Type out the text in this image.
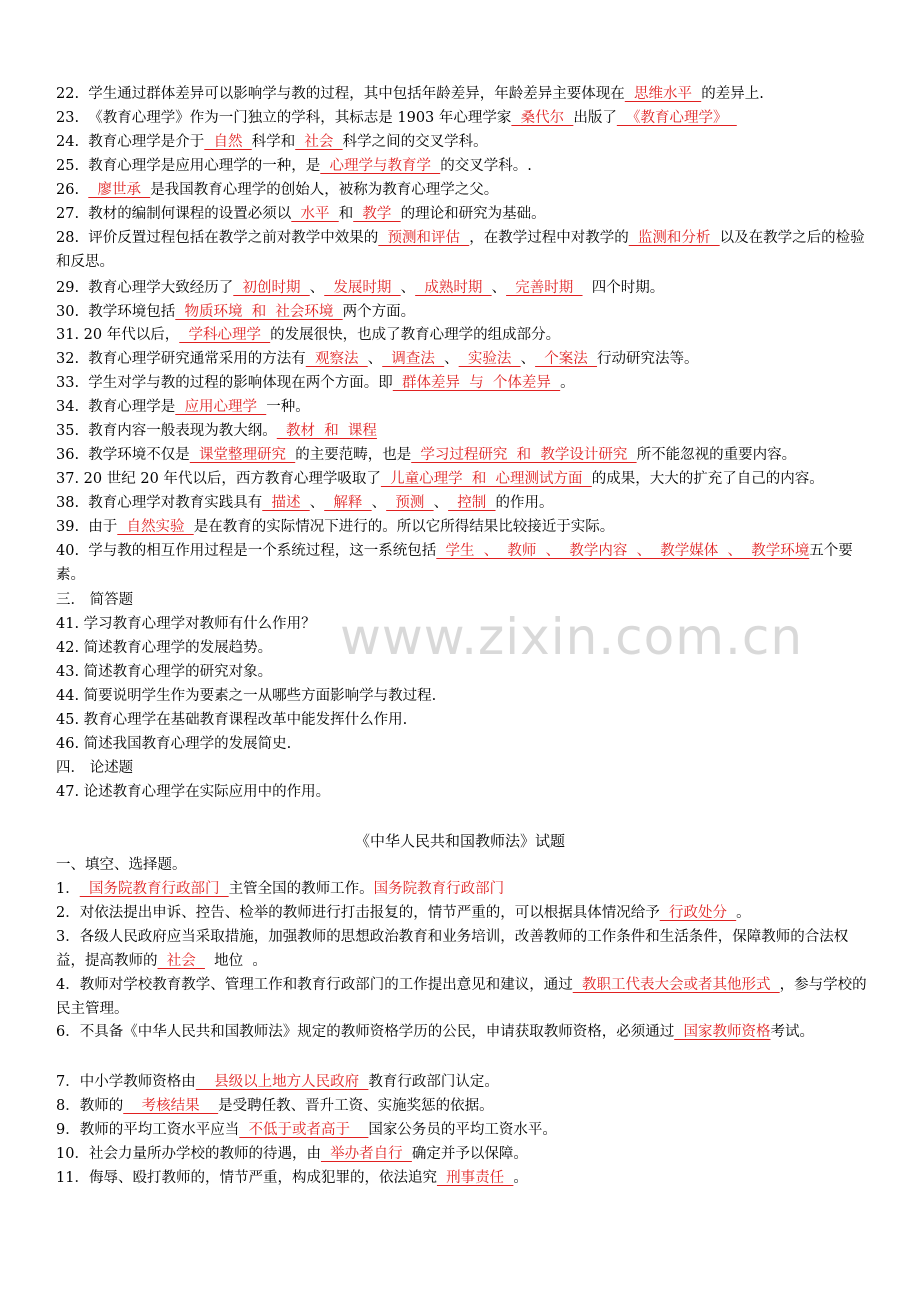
www.zixin.com.cn
22.  学生通过群体差异可以影响学与教的过程，其中包括年龄差异，年龄差异主要体现在  思维水平  的差异上.
23.  《教育心理学》作为一门独立的学科，其标志是 1903 年心理学家  桑代尔  出版了  《教育心理学》
24.  教育心理学是介于  自然  科学和  社会  科学之间的交叉学科。
25.  教育心理学是应用心理学的一种，是  心理学与教育学  的交叉学科。.
26.    廖世承  是我国教育心理学的创始人，被称为教育心理学之父。
27.  教材的编制何课程的设置必须以  水平  和  教学  的理论和研究为基础。
28.  评价反置过程包括在教学之前对教学中效果的  预测和评估  ，在教学过程中对教学的  监测和分析  以及在教学之后的检验和反思。
29.  教育心理学大致经历了  初创时期  、  发展时期  、  成熟时期  、  完善时期    四个时期。
30.  教学环境包括  物质环境  和  社会环境  两个方面。
31. 20 年代以后，  学科心理学  的发展很快，也成了教育心理学的组成部分。
32.  教育心理学研究通常采用的方法有  观察法  、  调查法  、  实验法  、  个案法  行动研究法等。
33.  学生对学与教的过程的影响体现在两个方面。即  群体差异  与  个体差异  。
34.  教育心理学是  应用心理学  一种。
35.  教育内容一般表现为教大纲。  教材  和  课程
36.  教学环境不仅是  课堂整理研究  的主要范畴，也是  学习过程研究  和  教学设计研究  所不能忽视的重要内容。
37. 20 世纪 20 年代以后，西方教育心理学吸取了  儿童心理学  和  心理测试方面  的成果，大大的扩充了自己的内容。
38.  教育心理学对教育实践具有  描述  、  解释  、  预测  、  控制  的作用。
39.  由于  自然实验  是在教育的实际情况下进行的。所以它所得结果比较接近于实际。
40.  学与教的相互作用过程是一个系统过程，这一系统包括  学生  、  教师  、  教学内容  、  教学媒体  、  教学环境五个要素。
三． 简答题
41. 学习教育心理学对教师有什么作用？
42. 简述教育心理学的发展趋势。
43. 简述教育心理学的研究对象。
44. 简要说明学生作为要素之一从哪些方面影响学与教过程.
45. 教育心理学在基础教育课程改革中能发挥什么作用.
46. 简述我国教育心理学的发展简史.
四． 论述题
47. 论述教育心理学在实际应用中的作用。
《中华人民共和国教师法》试题
一、填空、选择题。
1．  国务院教育行政部门  主管全国的教师工作。国务院教育行政部门
2．对依法提出申诉、控告、检举的教师进行打击报复的，情节严重的，可以根据具体情况给予  行政处分  。
3．各级人民政府应当采取措施，加强教师的思想政治教育和业务培训，改善教师的工作条件和生活条件，保障教师的合法权益，提高教师的  社会    地位  。
4．教师对学校教育教学、管理工作和教育行政部门的工作提出意见和建议，通过  教职工代表大会或者其他形式  ，参与学校的民主管理。
6．不具备《中华人民共和国教师法》规定的教师资格学历的公民，申请获取教师资格，必须通过  国家教师资格考试。
7．中小学教师资格由    县级以上地方人民政府  教育行政部门认定。
8．教师的    考核结果    是受聘任教、晋升工资、实施奖惩的依据。
9．教师的平均工资水平应当  不低于或者高于    国家公务员的平均工资水平。
10．社会力量所办学校的教师的待遇，由  举办者自行  确定并予以保障。
11．侮辱、殴打教师的，情节严重，构成犯罪的，依法追究  刑事责任  。
